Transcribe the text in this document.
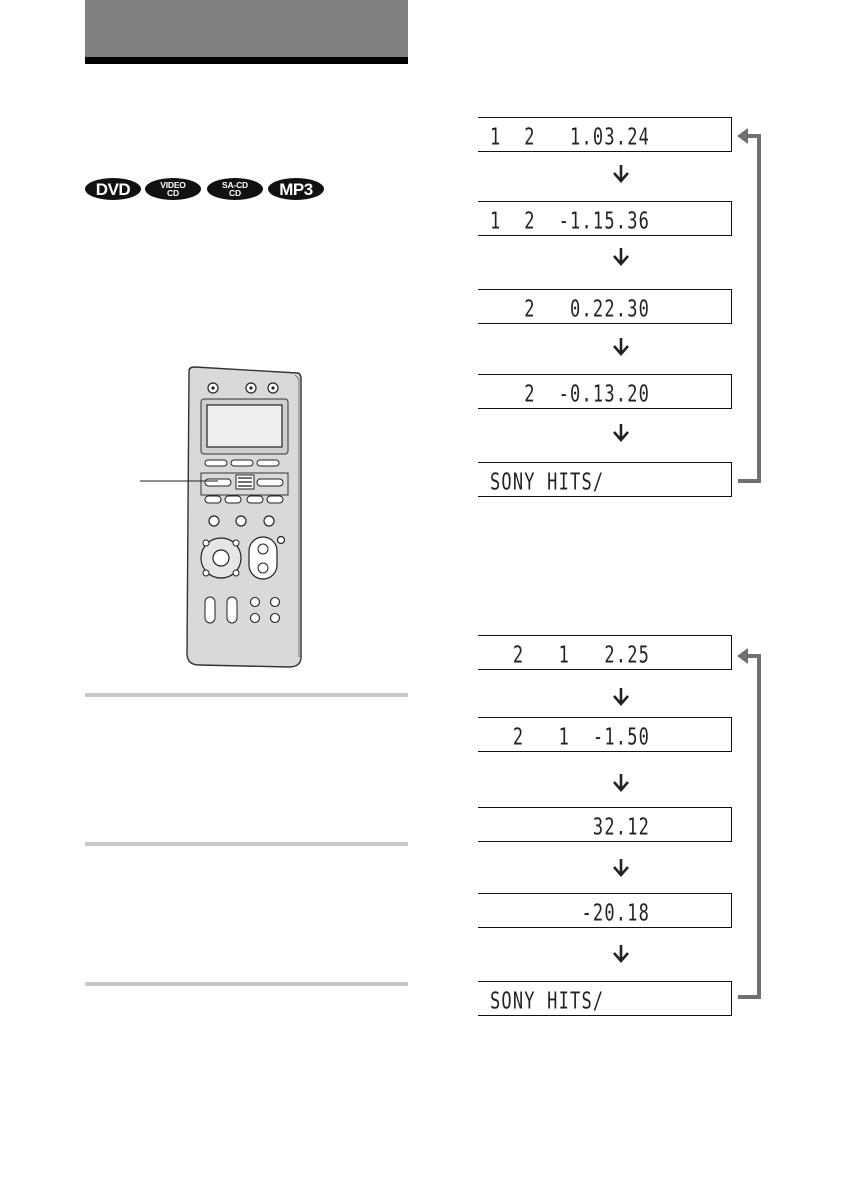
DVD	VIDEO
CD
SA-CD
CD MP3
1  2   1.03.24
1  2  -1.15.36
2   0.22.30
2  -0.13.20
SONY HITS/
2   1   2.25
2   1  -1.50
32.12
-20.18
SONY HITS/
